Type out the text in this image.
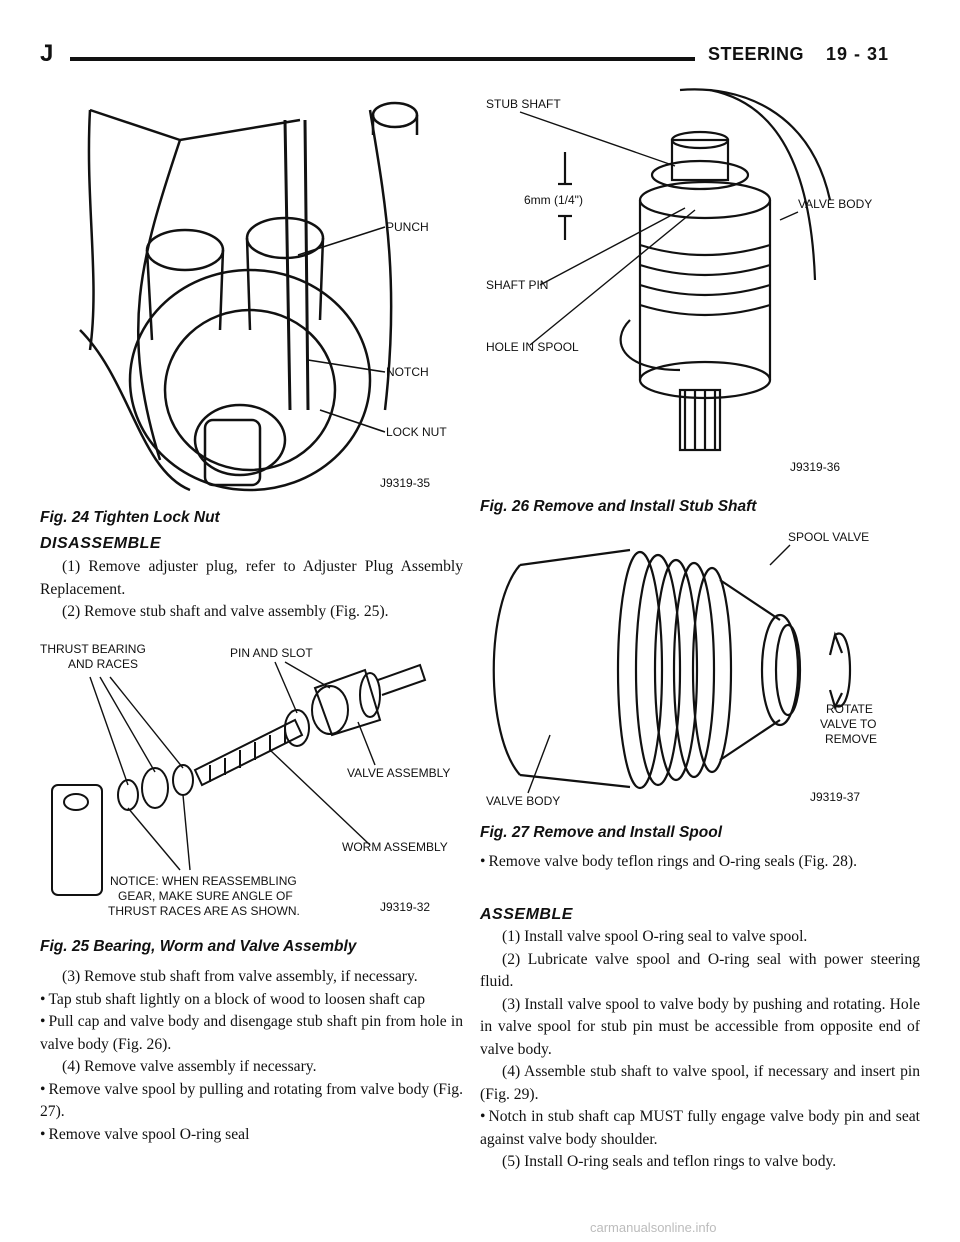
J	STEERING 19 - 31
PUNCH
NOTCH
LOCK NUT
J9319-35
Fig. 24 Tighten Lock Nut
DISASSEMBLE

(1) Remove adjuster plug, refer to Adjuster Plug Assembly Replacement.

(2) Remove stub shaft and valve assembly (Fig. 25).

THRUST BEARING
AND RACES
PIN AND SLOT
VALVE ASSEMBLY
WORM ASSEMBLY
NOTICE: WHEN REASSEMBLING
GEAR, MAKE SURE ANGLE OF
THRUST RACES ARE AS SHOWN.	J9319-32
Fig. 25 Bearing, Worm and Valve Assembly

(3) Remove stub shaft from valve assembly, if necessary.

• Tap stub shaft lightly on a block of wood to loosen shaft cap

• Pull cap and valve body and disengage stub shaft pin from hole in valve body (Fig. 26).

(4) Remove valve assembly if necessary.

• Remove valve spool by pulling and rotating from valve body (Fig. 27).

• Remove valve spool O-ring seal

STUB SHAFT
6mm (1/4")	VALVE BODY
SHAFT PIN
HOLE IN SPOOL
J9319-36
Fig. 26 Remove and Install Stub Shaft
SPOOL VALVE
ROTATE
VALVE TO
REMOVE
VALVE BODY	J9319-37
Fig. 27 Remove and Install Spool

• Remove valve body teflon rings and O-ring seals (Fig. 28).

ASSEMBLE

(1) Install valve spool O-ring seal to valve spool.

(2) Lubricate valve spool and O-ring seal with power steering fluid.

(3) Install valve spool to valve body by pushing and rotating. Hole in valve spool for stub pin must be accessible from opposite end of valve body.

(4) Assemble stub shaft to valve spool, if necessary and insert pin (Fig. 29).

• Notch in stub shaft cap MUST fully engage valve body pin and seat against valve body shoulder.

(5) Install O-ring seals and teflon rings to valve body.

carmanualsonline.info
